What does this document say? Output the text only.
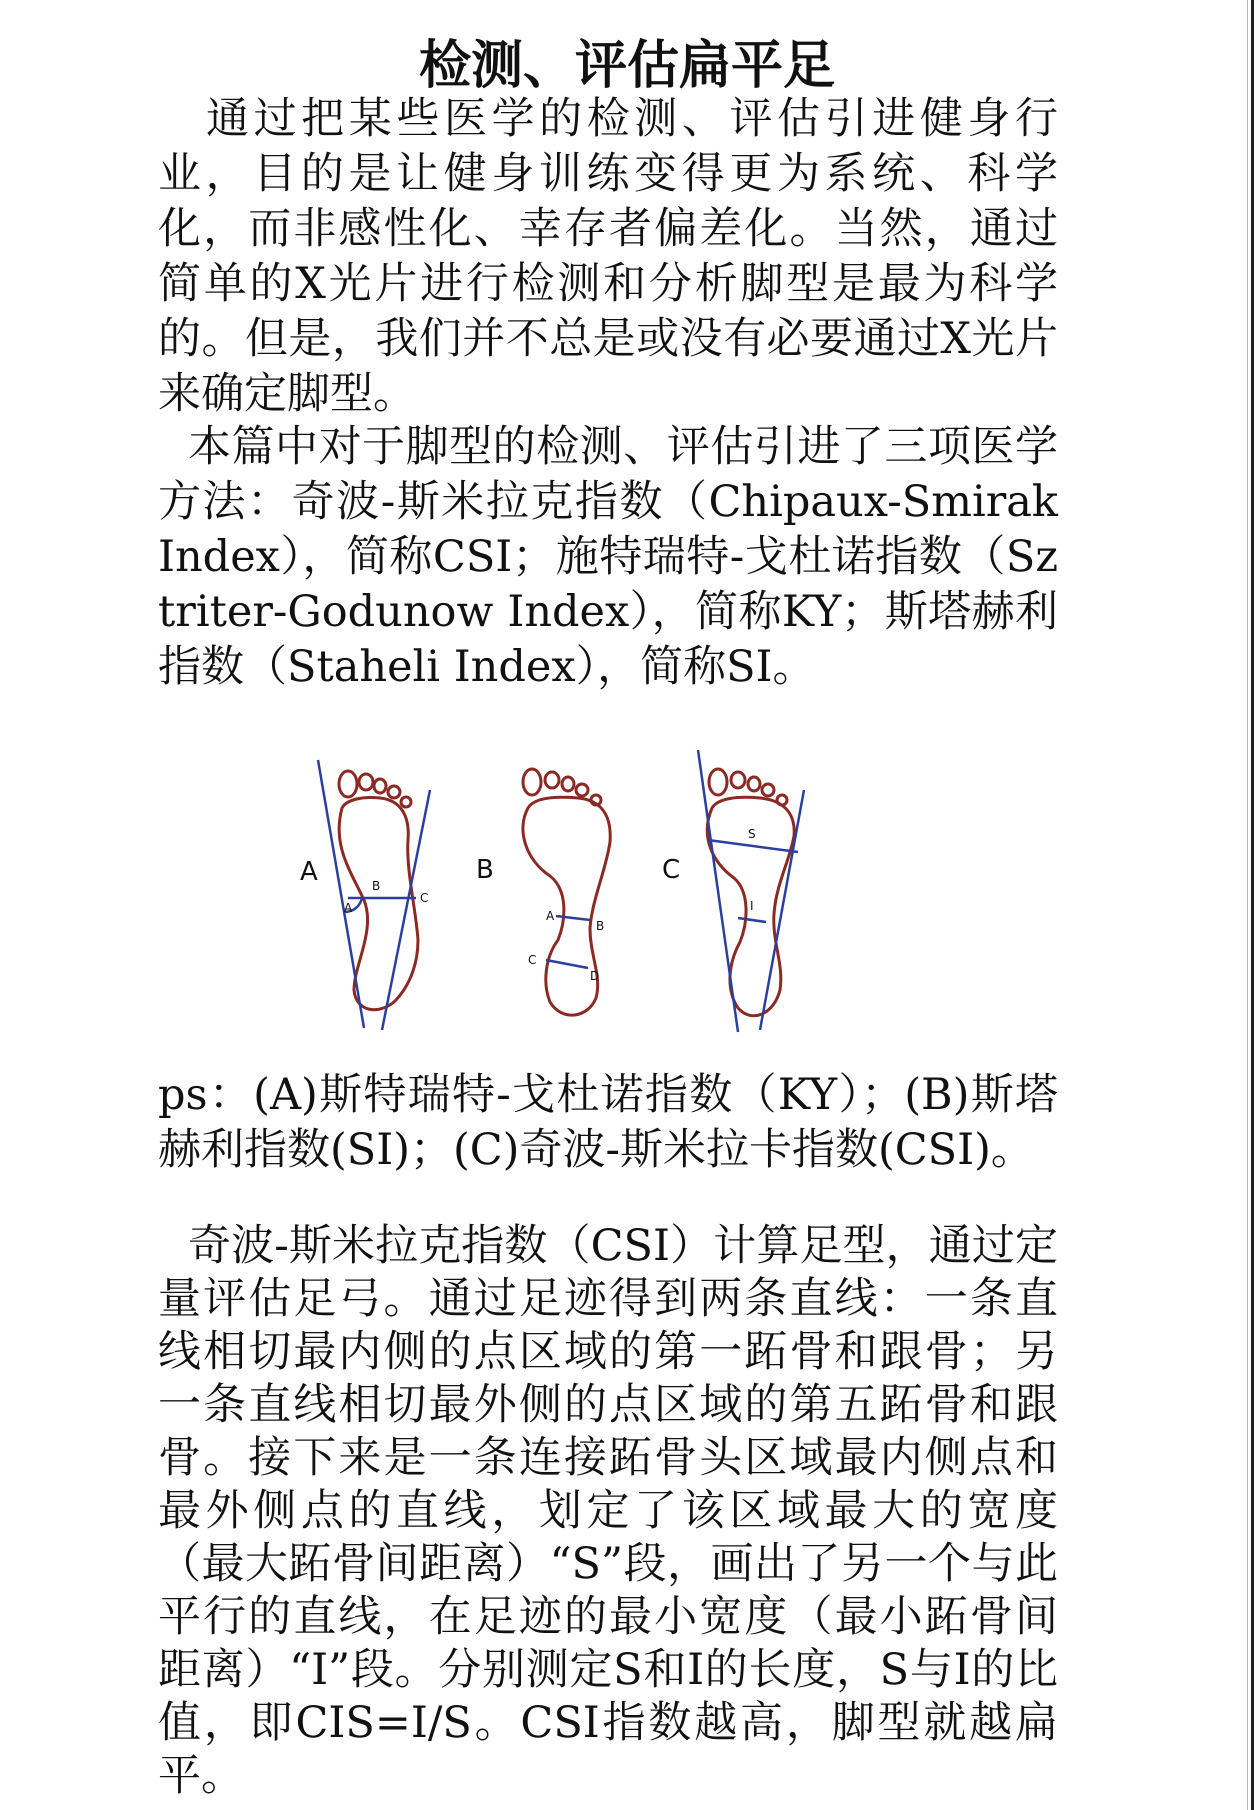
检测、评估扁平足

通过把某些医学的检测、评估引进健身行业，目的是让健身训练变得更为系统、科学化，而非感性化、幸存者偏差化。当然，通过简单的X光片进行检测和分析脚型是最为科学的。但是，我们并不总是或没有必要通过X光片来确定脚型。

本篇中对于脚型的检测、评估引进了三项医学方法：奇波-斯米拉克指数（Chipaux-Smirak Index），简称CSI；施特瑞特-戈杜诺指数（Sztriter-Godunow Index），简称KY；斯塔赫利指数（Staheli Index），简称SI。

A	B	C
A
B
C
A
B
C
D
S
I

ps：(A)斯特瑞特-戈杜诺指数（KY）；(B)斯塔赫利指数(SI)；(C)奇波-斯米拉卡指数(CSI)。

奇波-斯米拉克指数（CSI）计算足型，通过定量评估足弓。通过足迹得到两条直线：一条直线相切最内侧的点区域的第一跖骨和跟骨；另一条直线相切最外侧的点区域的第五跖骨和跟骨。接下来是一条连接跖骨头区域最内侧点和最外侧点的直线，划定了该区域最大的宽度（最大跖骨间距离）“S”段，画出了另一个与此平行的直线，在足迹的最小宽度（最小跖骨间距离）“I”段。分别测定S和I的长度，S与I的比值，即CIS=I/S。CSI指数越高，脚型就越扁平。
